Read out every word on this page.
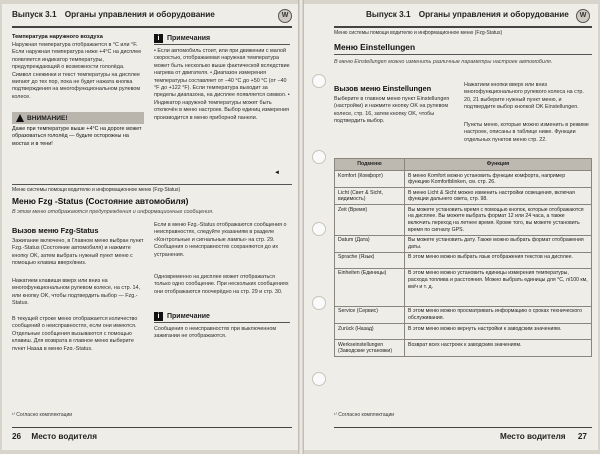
Выпуск 3.1 Органы управления и оборудование	W
Температура наружного воздуха
Наружная температура отображается в °C или °F. Если наружная температура ниже +4°C на дисплее появляется индикатор температуры, предупреждающий о возможности гололёда. Символ снежинки и текст температуры на дисплее мигают до тех пор, пока не будет нажата кнопка подтверждения на многофункциональном рулевом колесе.
ВНИМАНИЕ!
Даже при температуре выше +4°C на дороге может образоваться гололёд — будьте осторожны на мостах и в тени!
i	Примечания
• Если автомобиль стоит, или при движении с малой скоростью, отображаемая наружная температура может быть несколько выше фактической вследствие нагрева от двигателя. • Диапазон измерения температуры составляет от −40 °C до +50 °C (от −40 °F до +122 °F). Если температура выходит за пределы диапазона, на дисплее появляется символ. • Индикатор наружной температуры может быть отключён в меню настроек. Выбор единиц измерения производится в меню приборной панели.
◄
Меню системы помощи водителю и информационное меню (Fzg-Status)
Меню Fzg -Status (Состояние автомобиля)
В этом меню отображаются предупреждения и информационные сообщения.
Вызов меню Fzg-Status
Зажигание включено, в Главном меню выбран пункт Fzg.-Status (Состояние автомобиля) и нажмите кнопку OK, затем выбрать нужный пункт меню с помощью клавиш вверх/вниз.
Нажатием клавиши вверх или вниз на многофункциональном рулевом колесе, на стр. 14, или кнопку OK, чтобы подтвердить выбор — Fzg.-Status.
В текущей строке меню отображается количество сообщений о неисправностях, если они имеются. Отдельные сообщения вызываются с помощью клавиш. Для возврата в главное меню выберите пункт Назад в меню Fzg.-Status.
Если в меню Fzg.-Status отображаются сообщения о неисправностях, следуйте указаниям в разделе «Контрольные и сигнальные лампы» на стр. 29. Сообщения о неисправностях сохраняются до их устранения.
Одновременно на дисплее может отображаться только одно сообщение. При нескольких сообщениях они отображаются поочерёдно на стр. 29 и стр. 30.
i	Примечание
Сообщения о неисправностях при выключенном зажигании не отображаются.
¹⁾ Согласно комплектации
26 Место водителя
Выпуск 3.1 Органы управления и оборудование	W
Меню системы помощи водителю и информационное меню (Fzg-Status)
Меню Einstellungen
В меню Einstellungen можно изменить различные параметры настроек автомобиля.
Вызов меню Einstellungen
Выберите в главном меню пункт Einstellungen (настройки) и нажмите кнопку OK на рулевом колесе, стр. 16, затем кнопку OK, чтобы подтвердить выбор.
Нажатием кнопки вверх или вниз многофункционального рулевого колеса на стр. 20, 21 выберите нужный пункт меню, и подтвердите выбор кнопкой OK Einstellungen.
Пункты меню, которые можно изменить в режиме настроек, описаны в таблице ниже. Функции отдельных пунктов меню стр. 22.
Подменю	Функция
Komfort (Комфорт)	В меню Komfort можно установить функции комфорта, например функцию Komfortblinken, см. стр. 26.
Licht (Свет & Sicht, видимость)	В меню Licht & Sicht можно изменить настройки освещения, включая функции дальнего света, стр. 98.
Zeit (Время)	Вы можете установить время с помощью кнопок, которые отображаются на дисплее. Вы можете выбрать формат 12 или 24 часа, а также включить переход на летнее время. Кроме того, вы можете установить время по сигналу GPS.
Datum (Дата)	Вы можете установить дату. Также можно выбрать формат отображения даты.
Sprache (Язык)	В этом меню можно выбрать язык отображения текстов на дисплее.
Einheiten (Единицы)	В этом меню можно установить единицы измерения температуры, расхода топлива и расстояния. Можно выбрать единицы для °C, л/100 км, км/ч и т. д.
Service (Сервис)	В этом меню можно просматривать информацию о сроках технического обслуживания.
Zurück (Назад)	В этом меню можно вернуть настройки к заводским значениям.
Werkseinstellungen (Заводские установки)	Возврат всех настроек к заводским значениям.
¹⁾ Согласно комплектации
Место водителя 27
